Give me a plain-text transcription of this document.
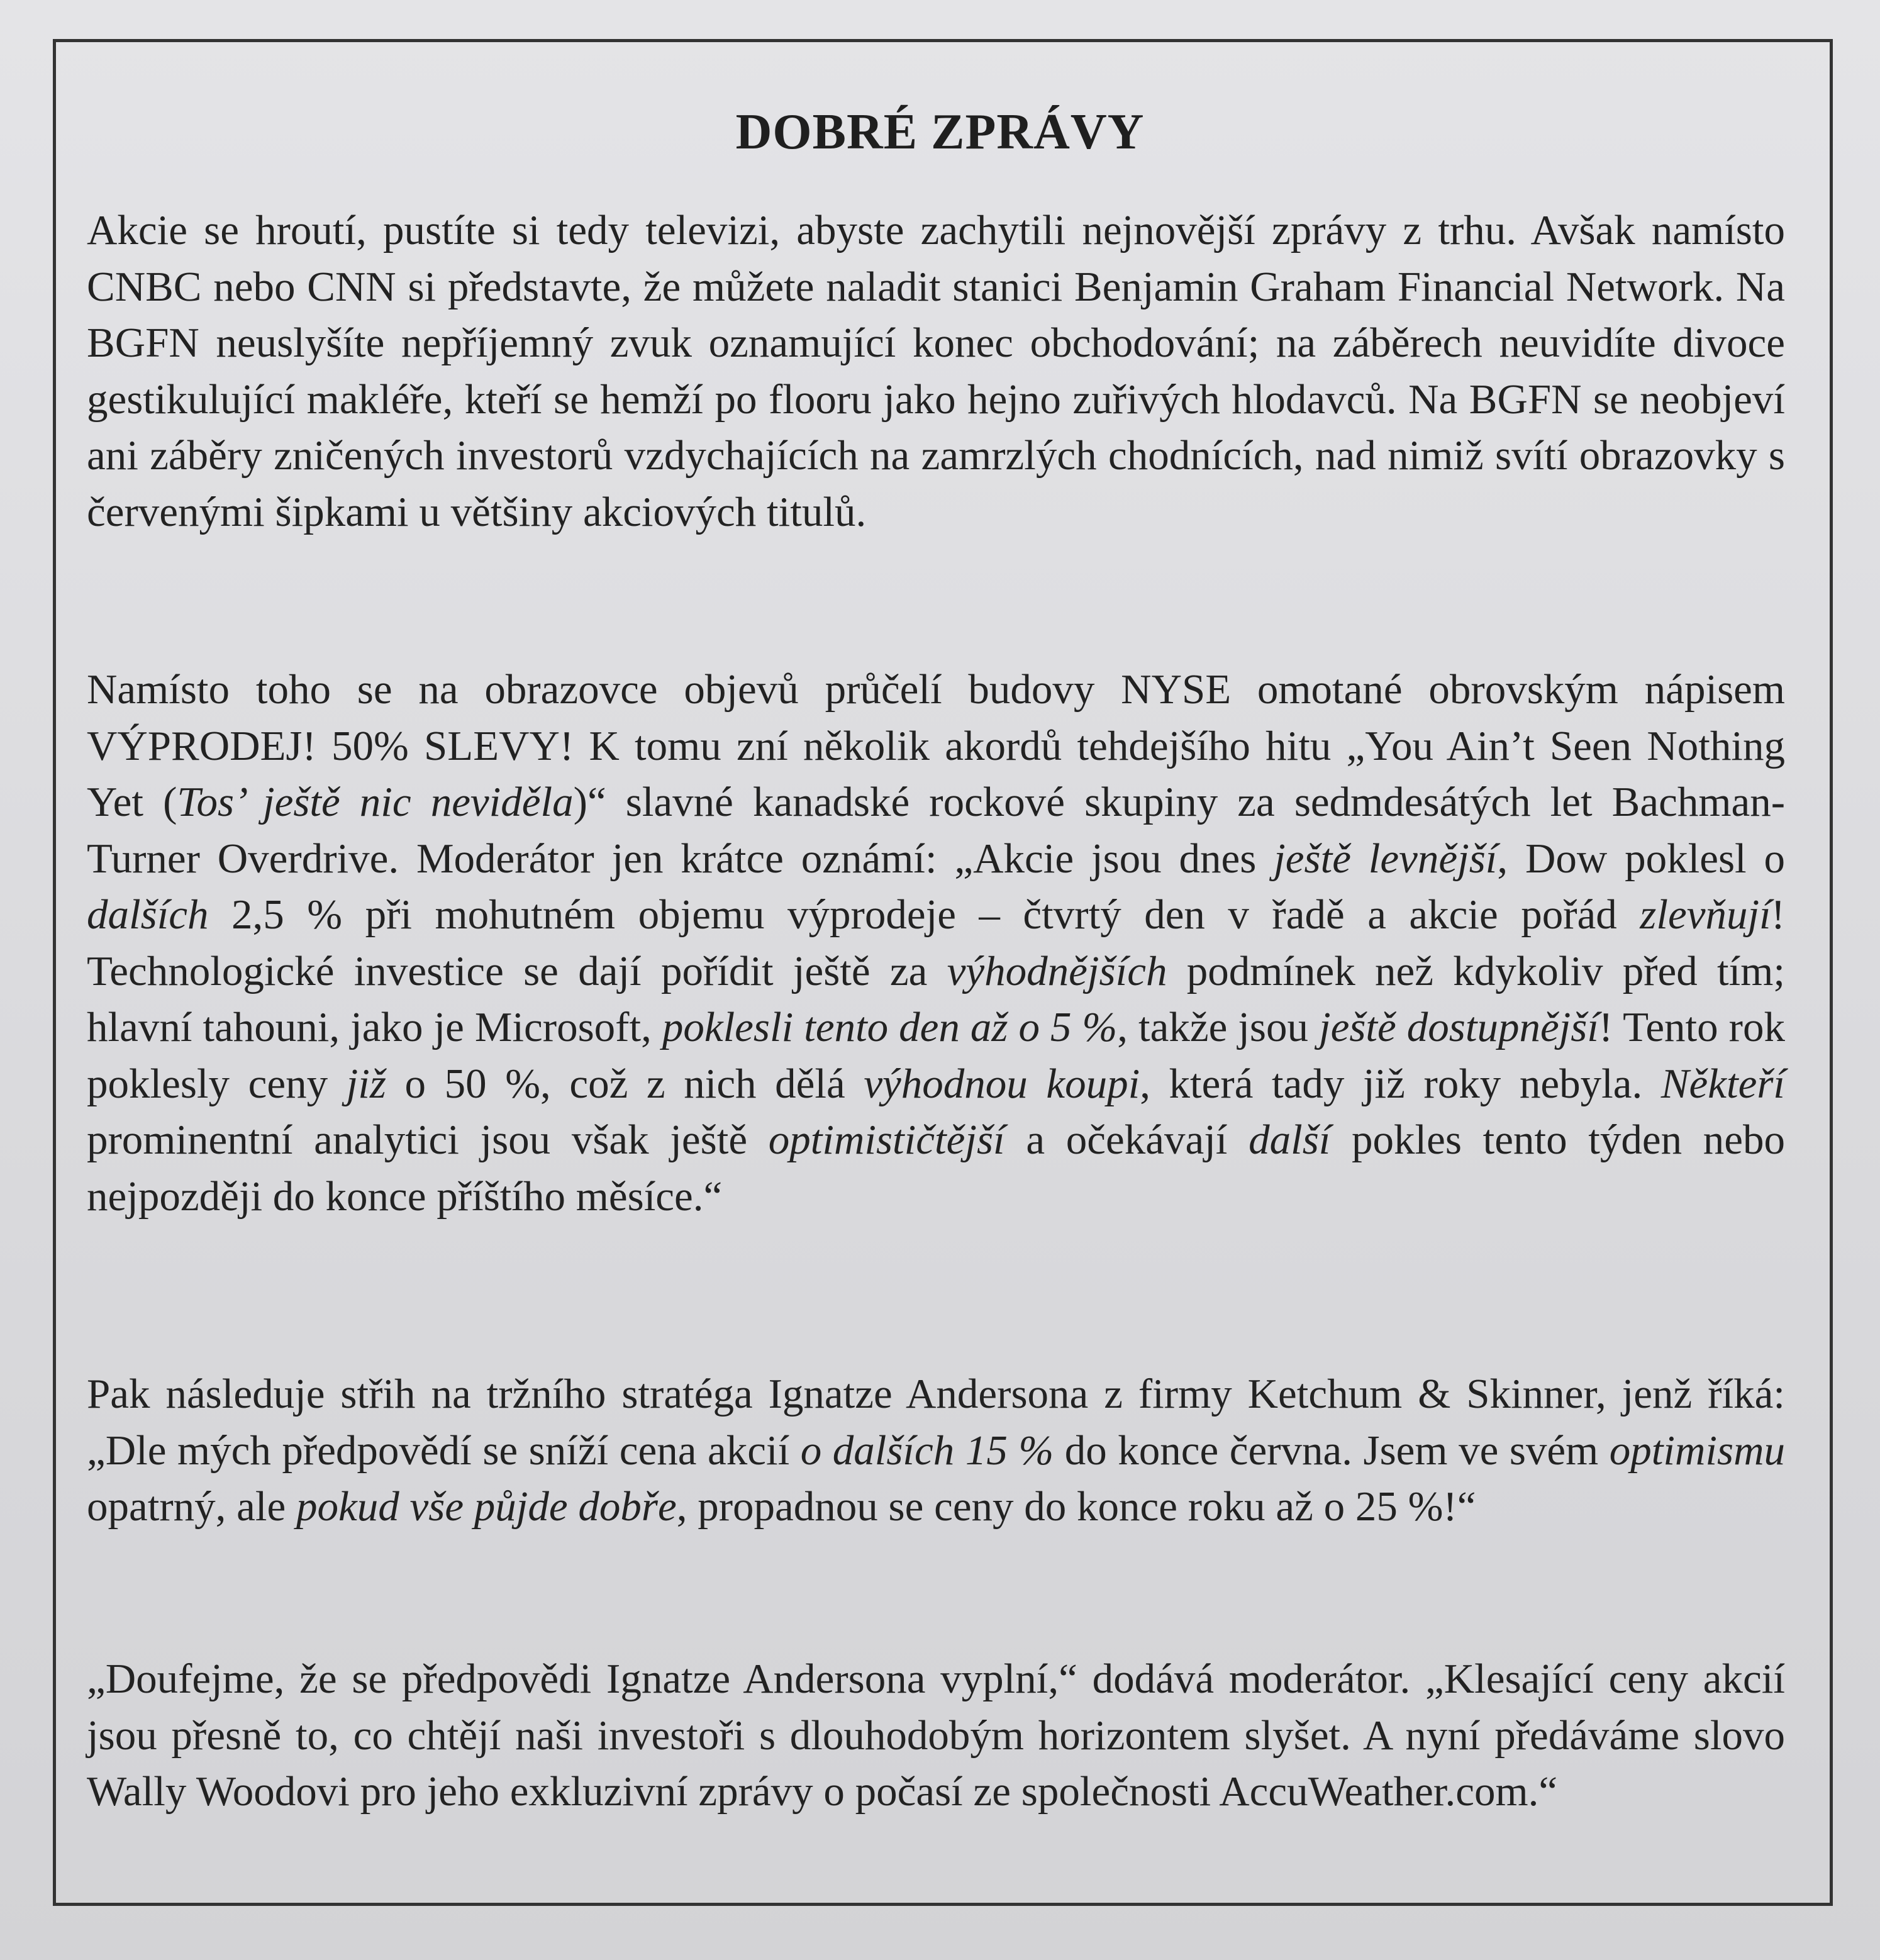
DOBRÉ ZPRÁVY

Akcie se hroutí, pustíte si tedy televizi, abyste zachytili nejnovější zprávy z trhu. Avšak namísto CNBC nebo CNN si představte, že můžete naladit stanici Benjamin Graham Financial Network. Na BGFN neuslyšíte nepříjemný zvuk oznamující konec obchodování; na záběrech neuvidíte divoce gestikulující makléře, kteří se hemží po flooru jako hejno zuřivých hlodavců. Na BGFN se neobjeví ani záběry zničených investorů vzdychajících na zamrzlých chodnících, nad nimiž svítí obrazovky s červenými šipkami u většiny akciových titulů.

Namísto toho se na obrazovce objevů průčelí budovy NYSE omotané obrovským nápisem VÝPRODEJ! 50% SLEVY! K tomu zní několik akordů tehdejšího hitu „You Ain’t Seen Nothing Yet (Tos’ ještě nic neviděla)“ slavné kanadské rockové skupiny za sedmdesátých let Bachman-Turner Overdrive. Moderátor jen krátce oznámí: „Akcie jsou dnes ještě levnější, Dow poklesl o dalších 2,5 % při mohutném objemu výprodeje – čtvrtý den v řadě a akcie pořád zlevňují! Technologické investice se dají pořídit ještě za výhodnějších podmínek než kdykoliv před tím; hlavní tahouni, jako je Microsoft, poklesli tento den až o 5 %, takže jsou ještě dostupnější! Tento rok poklesly ceny již o 50 %, což z nich dělá výhodnou koupi, která tady již roky nebyla. Někteří prominentní analytici jsou však ještě optimističtější a očekávají další pokles tento týden nebo nejpozději do konce příštího měsíce.“

Pak následuje střih na tržního stratéga Ignatze Andersona z firmy Ketchum & Skinner, jenž říká: „Dle mých předpovědí se sníží cena akcií o dalších 15 % do konce června. Jsem ve svém optimismu opatrný, ale pokud vše půjde dobře, propadnou se ceny do konce roku až o 25 %!“

„Doufejme, že se předpovědi Ignatze Andersona vyplní,“ dodává moderátor. „Klesající ceny akcií jsou přesně to, co chtějí naši investoři s dlouhodobým horizontem slyšet. A nyní předáváme slovo Wally Woodovi pro jeho exkluzivní zprávy o počasí ze společnosti AccuWeather.com.“
